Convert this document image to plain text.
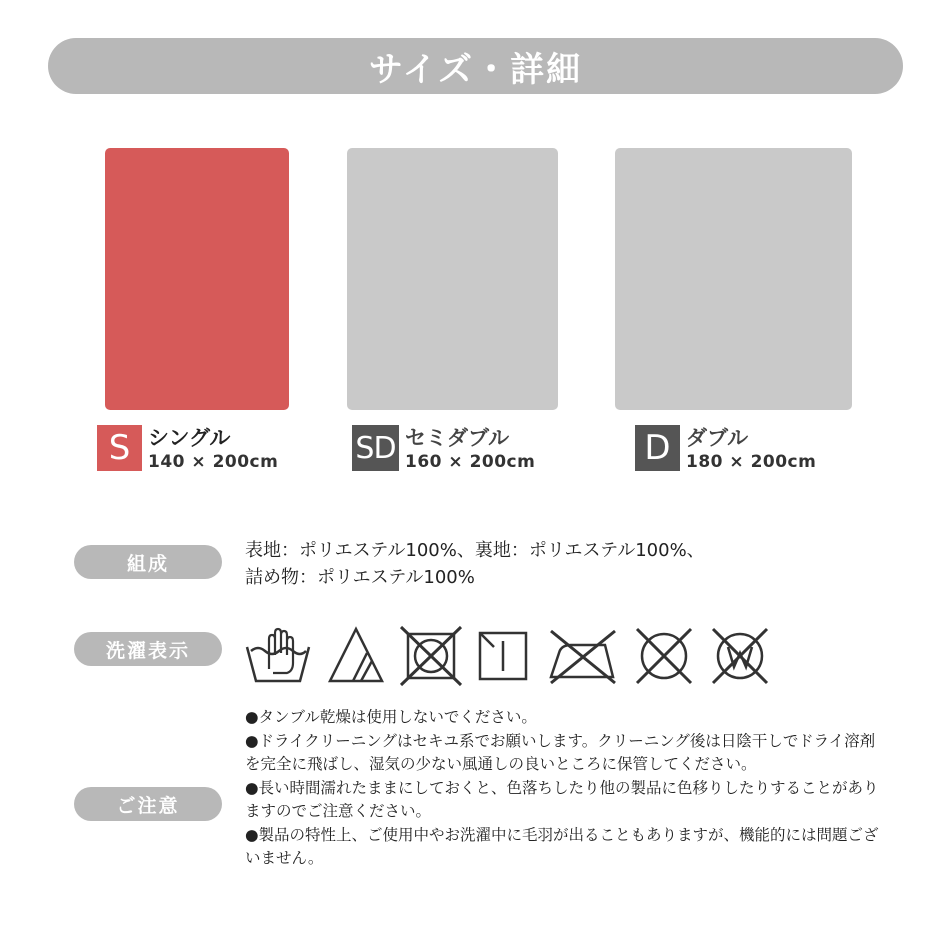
サイズ・詳細
S シングル
140 × 200cm	SD セミダブル
160 × 200cm	D ダブル
180 × 200cm
組成
表地：ポリエステル100%、裏地：ポリエステル100%、
詰め物：ポリエステル100%
洗濯表示
ご注意

●タンブル乾燥は使用しないでください。

●ドライクリーニングはセキユ系でお願いします。クリーニング後は日陰干しでドライ溶剤を完全に飛ばし、湿気の少ない風通しの良いところに保管してください。

●長い時間濡れたままにしておくと、色落ちしたり他の製品に色移りしたりすることがありますのでご注意ください。

●製品の特性上、ご使用中やお洗濯中に毛羽が出ることもありますが、機能的には問題ございません。
